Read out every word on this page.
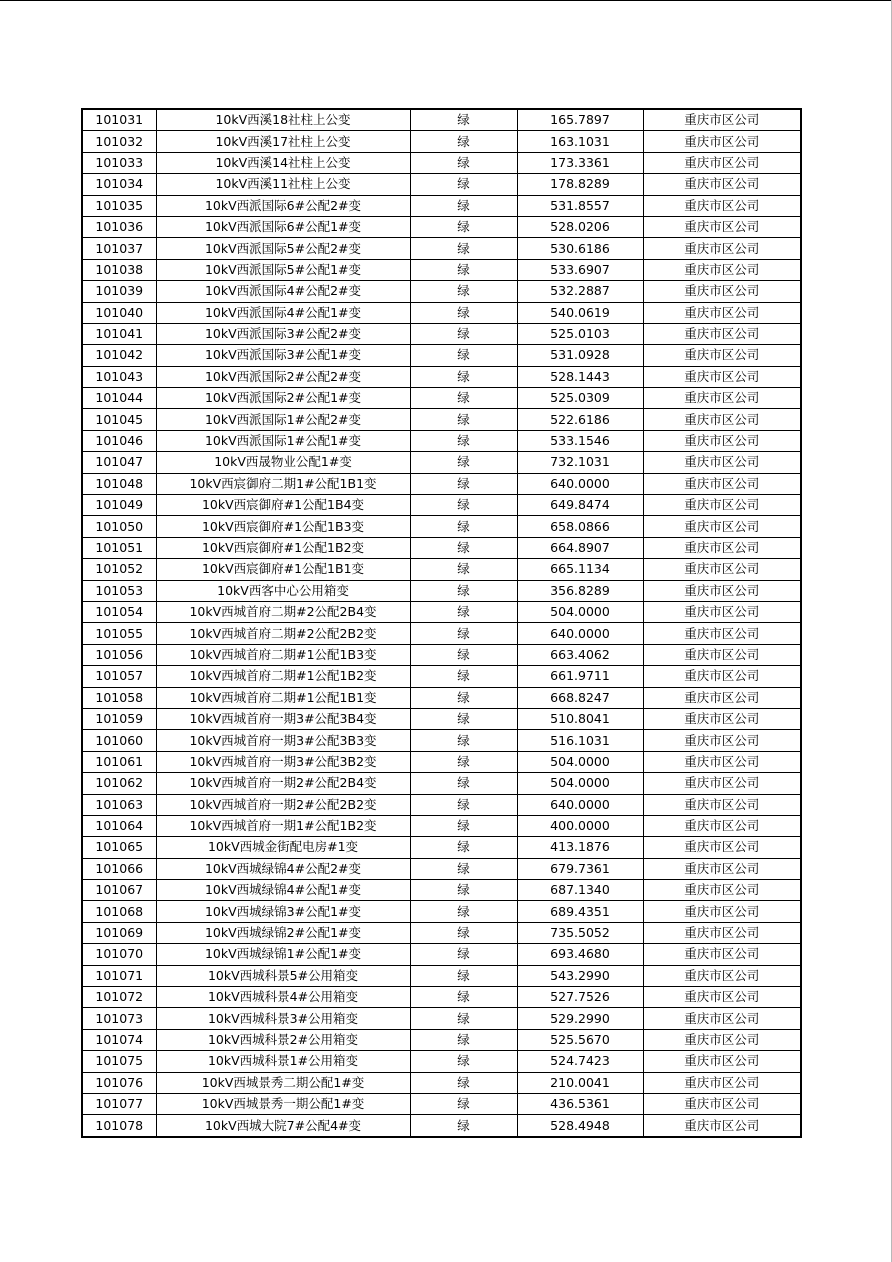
101031	10kV西溪18社柱上公变	绿	165.7897	重庆市区公司
101032	10kV西溪17社柱上公变	绿	163.1031	重庆市区公司
101033	10kV西溪14社柱上公变	绿	173.3361	重庆市区公司
101034	10kV西溪11社柱上公变	绿	178.8289	重庆市区公司
101035	10kV西派国际6#公配2#变	绿	531.8557	重庆市区公司
101036	10kV西派国际6#公配1#变	绿	528.0206	重庆市区公司
101037	10kV西派国际5#公配2#变	绿	530.6186	重庆市区公司
101038	10kV西派国际5#公配1#变	绿	533.6907	重庆市区公司
101039	10kV西派国际4#公配2#变	绿	532.2887	重庆市区公司
101040	10kV西派国际4#公配1#变	绿	540.0619	重庆市区公司
101041	10kV西派国际3#公配2#变	绿	525.0103	重庆市区公司
101042	10kV西派国际3#公配1#变	绿	531.0928	重庆市区公司
101043	10kV西派国际2#公配2#变	绿	528.1443	重庆市区公司
101044	10kV西派国际2#公配1#变	绿	525.0309	重庆市区公司
101045	10kV西派国际1#公配2#变	绿	522.6186	重庆市区公司
101046	10kV西派国际1#公配1#变	绿	533.1546	重庆市区公司
101047	10kV西晟物业公配1#变	绿	732.1031	重庆市区公司
101048	10kV西宸御府二期1#公配1B1变	绿	640.0000	重庆市区公司
101049	10kV西宸御府#1公配1B4变	绿	649.8474	重庆市区公司
101050	10kV西宸御府#1公配1B3变	绿	658.0866	重庆市区公司
101051	10kV西宸御府#1公配1B2变	绿	664.8907	重庆市区公司
101052	10kV西宸御府#1公配1B1变	绿	665.1134	重庆市区公司
101053	10kV西客中心公用箱变	绿	356.8289	重庆市区公司
101054	10kV西城首府二期#2公配2B4变	绿	504.0000	重庆市区公司
101055	10kV西城首府二期#2公配2B2变	绿	640.0000	重庆市区公司
101056	10kV西城首府二期#1公配1B3变	绿	663.4062	重庆市区公司
101057	10kV西城首府二期#1公配1B2变	绿	661.9711	重庆市区公司
101058	10kV西城首府二期#1公配1B1变	绿	668.8247	重庆市区公司
101059	10kV西城首府一期3#公配3B4变	绿	510.8041	重庆市区公司
101060	10kV西城首府一期3#公配3B3变	绿	516.1031	重庆市区公司
101061	10kV西城首府一期3#公配3B2变	绿	504.0000	重庆市区公司
101062	10kV西城首府一期2#公配2B4变	绿	504.0000	重庆市区公司
101063	10kV西城首府一期2#公配2B2变	绿	640.0000	重庆市区公司
101064	10kV西城首府一期1#公配1B2变	绿	400.0000	重庆市区公司
101065	10kV西城金街配电房#1变	绿	413.1876	重庆市区公司
101066	10kV西城绿锦4#公配2#变	绿	679.7361	重庆市区公司
101067	10kV西城绿锦4#公配1#变	绿	687.1340	重庆市区公司
101068	10kV西城绿锦3#公配1#变	绿	689.4351	重庆市区公司
101069	10kV西城绿锦2#公配1#变	绿	735.5052	重庆市区公司
101070	10kV西城绿锦1#公配1#变	绿	693.4680	重庆市区公司
101071	10kV西城科景5#公用箱变	绿	543.2990	重庆市区公司
101072	10kV西城科景4#公用箱变	绿	527.7526	重庆市区公司
101073	10kV西城科景3#公用箱变	绿	529.2990	重庆市区公司
101074	10kV西城科景2#公用箱变	绿	525.5670	重庆市区公司
101075	10kV西城科景1#公用箱变	绿	524.7423	重庆市区公司
101076	10kV西城景秀二期公配1#变	绿	210.0041	重庆市区公司
101077	10kV西城景秀一期公配1#变	绿	436.5361	重庆市区公司
101078	10kV西城大院7#公配4#变	绿	528.4948	重庆市区公司
